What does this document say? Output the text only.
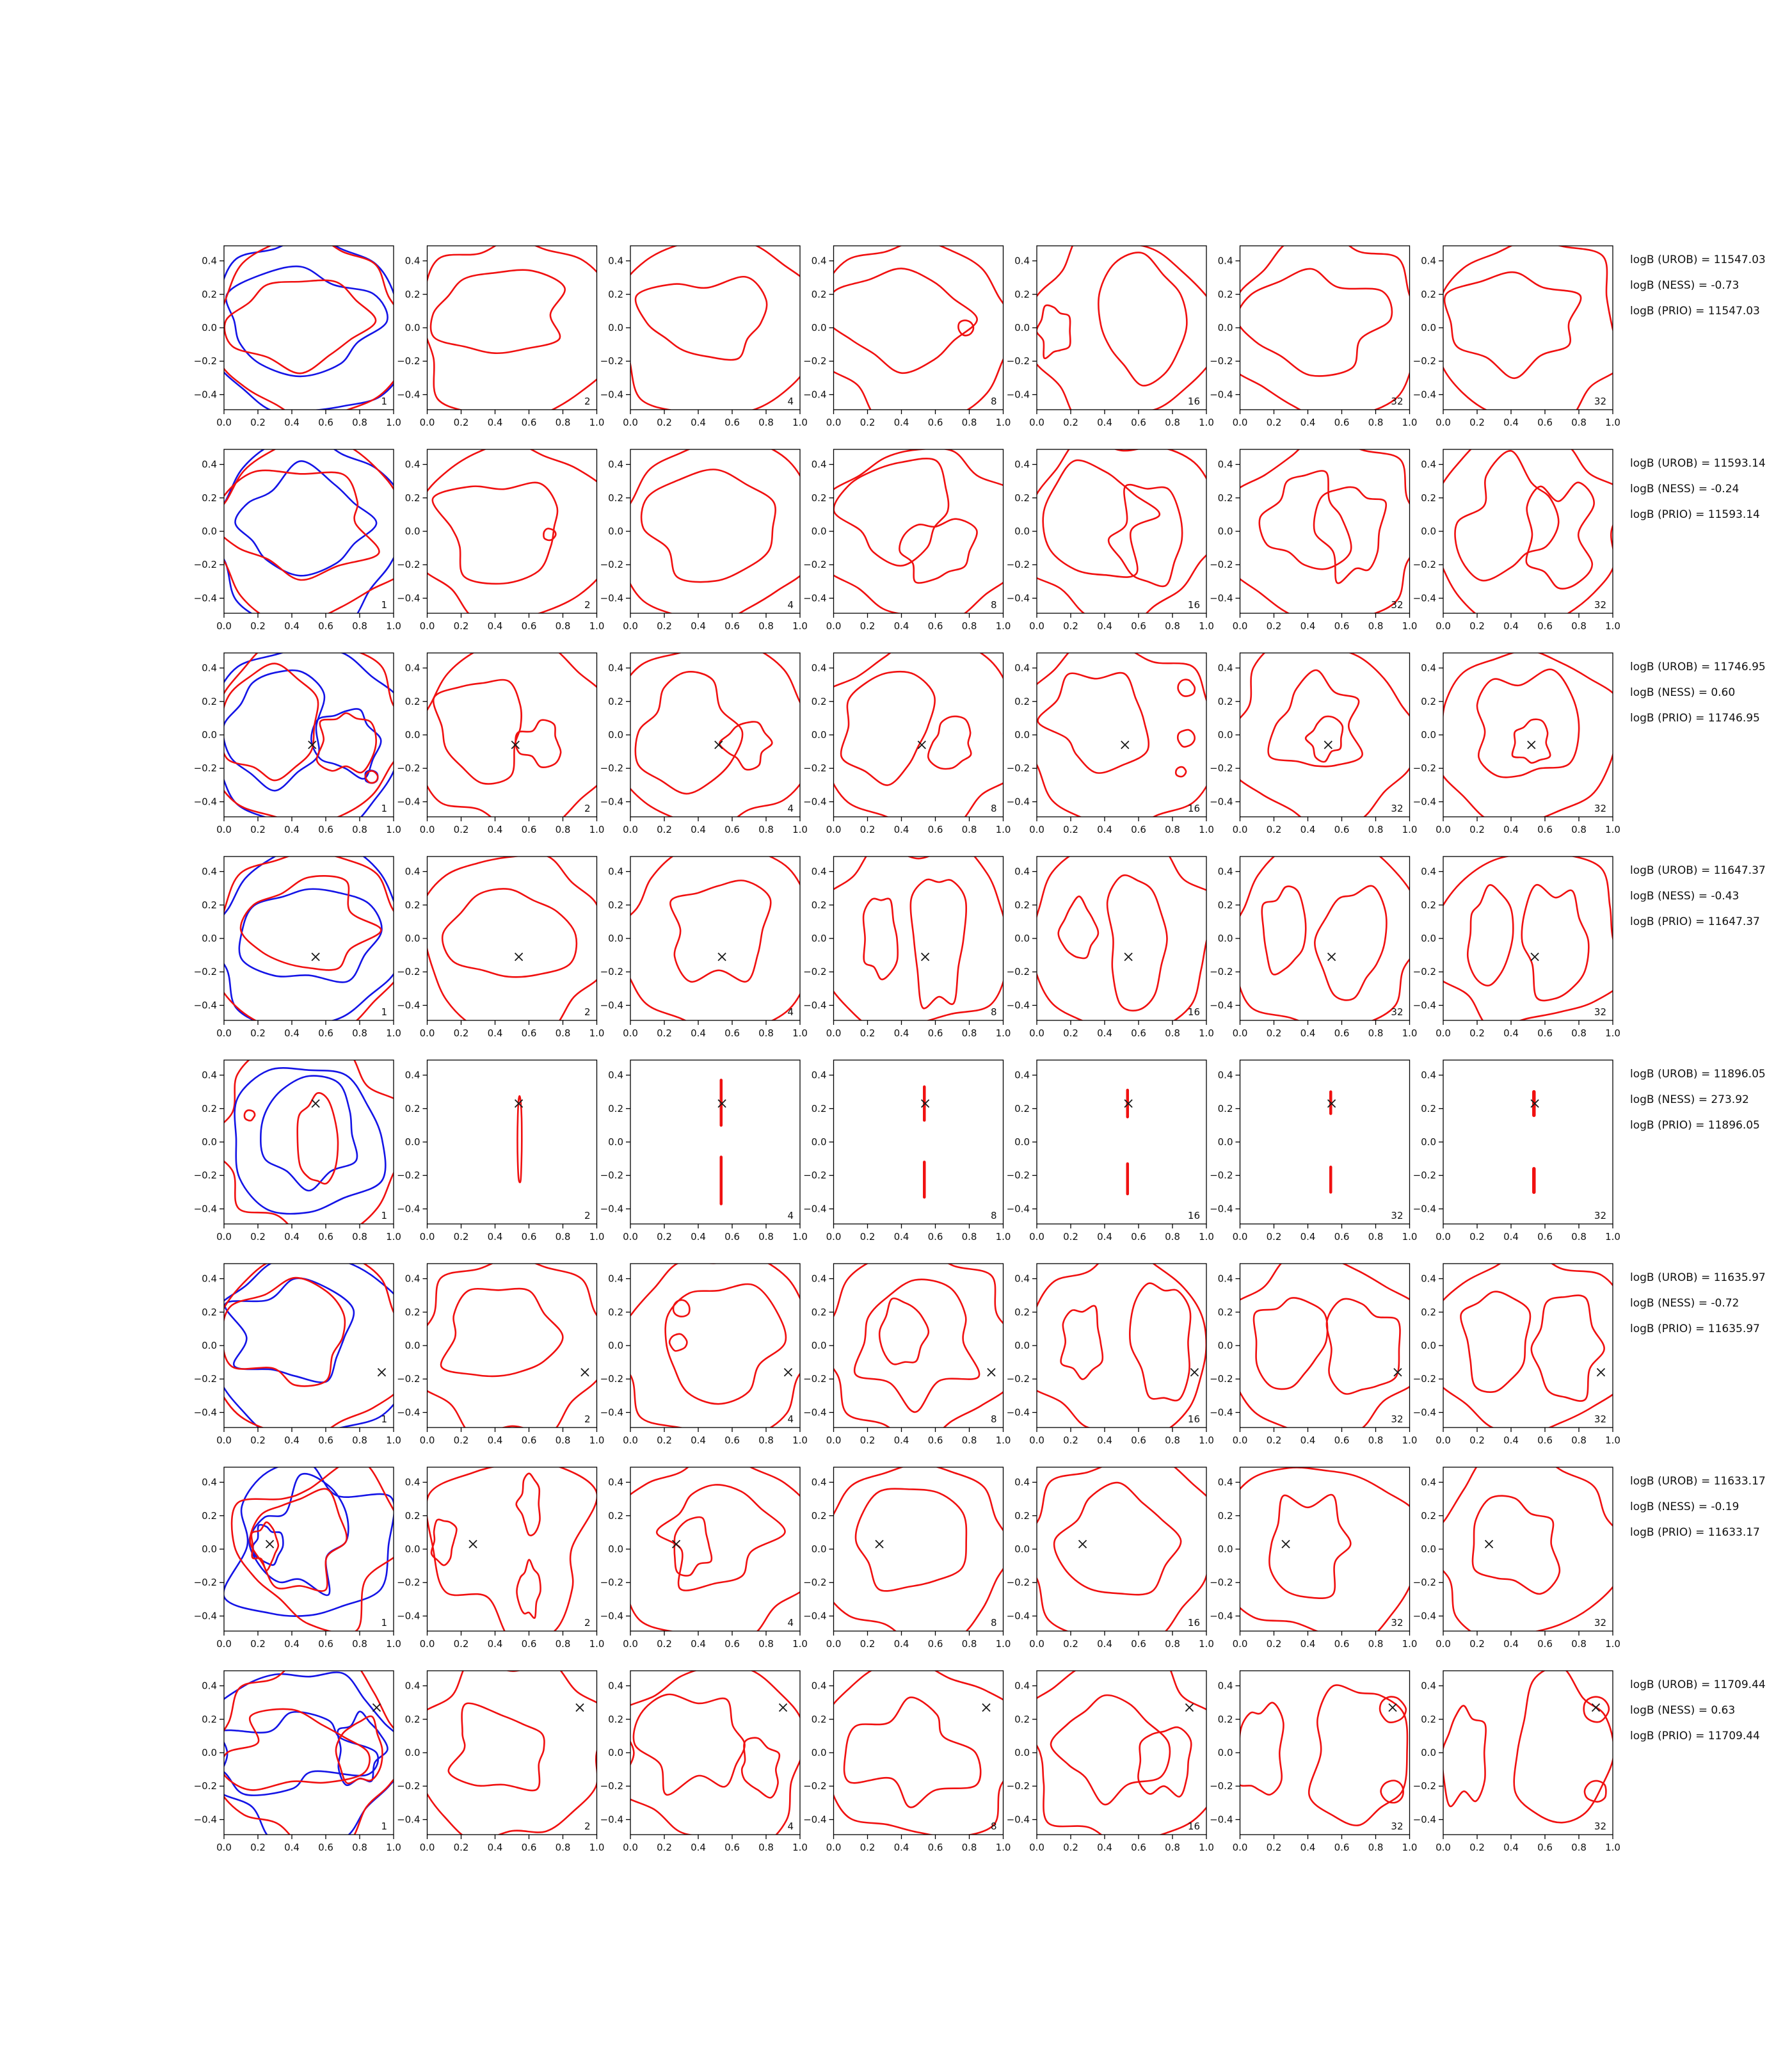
0.0 0.2 0.4 0.6 0.8 1.0
0.4
0.2
0.0
−0.2
−0.4
1
0.0 0.2 0.4 0.6 0.8 1.0
0.4
0.2
0.0
−0.2
−0.4
2
0.0 0.2 0.4 0.6 0.8 1.0
0.4
0.2
0.0
−0.2
−0.4
4
0.0 0.2 0.4 0.6 0.8 1.0
0.4
0.2
0.0
−0.2
−0.4
8
0.0 0.2 0.4 0.6 0.8 1.0
0.4
0.2
0.0
−0.2
−0.4
16
0.0 0.2 0.4 0.6 0.8 1.0
0.4
0.2
0.0
−0.2
−0.4
32
0.0 0.2 0.4 0.6 0.8 1.0
0.4
0.2
0.0
−0.2
−0.4
32
logB (UROB) = 11547.03
logB (NESS) = -0.73
logB (PRIO) = 11547.03
0.0 0.2 0.4 0.6 0.8 1.0
0.4
0.2
0.0
−0.2
−0.4
1
0.0 0.2 0.4 0.6 0.8 1.0
0.4
0.2
0.0
−0.2
−0.4
2
0.0 0.2 0.4 0.6 0.8 1.0
0.4
0.2
0.0
−0.2
−0.4
4
0.0 0.2 0.4 0.6 0.8 1.0
0.4
0.2
0.0
−0.2
−0.4
8
0.0 0.2 0.4 0.6 0.8 1.0
0.4
0.2
0.0
−0.2
−0.4
16
0.0 0.2 0.4 0.6 0.8 1.0
0.4
0.2
0.0
−0.2
−0.4
32
0.0 0.2 0.4 0.6 0.8 1.0
0.4
0.2
0.0
−0.2
−0.4
32
logB (UROB) = 11593.14
logB (NESS) = -0.24
logB (PRIO) = 11593.14
0.0 0.2 0.4 0.6 0.8 1.0
0.4
0.2
0.0
−0.2
−0.4
1
0.0 0.2 0.4 0.6 0.8 1.0
0.4
0.2
0.0
−0.2
−0.4
2
0.0 0.2 0.4 0.6 0.8 1.0
0.4
0.2
0.0
−0.2
−0.4
4
0.0 0.2 0.4 0.6 0.8 1.0
0.4
0.2
0.0
−0.2
−0.4
8
0.0 0.2 0.4 0.6 0.8 1.0
0.4
0.2
0.0
−0.2
−0.4
16
0.0 0.2 0.4 0.6 0.8 1.0
0.4
0.2
0.0
−0.2
−0.4
32
0.0 0.2 0.4 0.6 0.8 1.0
0.4
0.2
0.0
−0.2
−0.4
32
logB (UROB) = 11746.95
logB (NESS) = 0.60
logB (PRIO) = 11746.95
0.0 0.2 0.4 0.6 0.8 1.0
0.4
0.2
0.0
−0.2
−0.4
1
0.0 0.2 0.4 0.6 0.8 1.0
0.4
0.2
0.0
−0.2
−0.4
2
0.0 0.2 0.4 0.6 0.8 1.0
0.4
0.2
0.0
−0.2
−0.4
4
0.0 0.2 0.4 0.6 0.8 1.0
0.4
0.2
0.0
−0.2
−0.4
8
0.0 0.2 0.4 0.6 0.8 1.0
0.4
0.2
0.0
−0.2
−0.4
16
0.0 0.2 0.4 0.6 0.8 1.0
0.4
0.2
0.0
−0.2
−0.4
32
0.0 0.2 0.4 0.6 0.8 1.0
0.4
0.2
0.0
−0.2
−0.4
32
logB (UROB) = 11647.37
logB (NESS) = -0.43
logB (PRIO) = 11647.37
0.0 0.2 0.4 0.6 0.8 1.0
0.4
0.2
0.0
−0.2
−0.4
1
0.0 0.2 0.4 0.6 0.8 1.0
0.4
0.2
0.0
−0.2
−0.4
2
0.0 0.2 0.4 0.6 0.8 1.0
0.4
0.2
0.0
−0.2
−0.4
4
0.0 0.2 0.4 0.6 0.8 1.0
0.4
0.2
0.0
−0.2
−0.4
8
0.0 0.2 0.4 0.6 0.8 1.0
0.4
0.2
0.0
−0.2
−0.4
16
0.0 0.2 0.4 0.6 0.8 1.0
0.4
0.2
0.0
−0.2
−0.4
32
0.0 0.2 0.4 0.6 0.8 1.0
0.4
0.2
0.0
−0.2
−0.4
32
logB (UROB) = 11896.05
logB (NESS) = 273.92
logB (PRIO) = 11896.05
0.0 0.2 0.4 0.6 0.8 1.0
0.4
0.2
0.0
−0.2
−0.4
1
0.0 0.2 0.4 0.6 0.8 1.0
0.4
0.2
0.0
−0.2
−0.4
2
0.0 0.2 0.4 0.6 0.8 1.0
0.4
0.2
0.0
−0.2
−0.4
4
0.0 0.2 0.4 0.6 0.8 1.0
0.4
0.2
0.0
−0.2
−0.4
8
0.0 0.2 0.4 0.6 0.8 1.0
0.4
0.2
0.0
−0.2
−0.4
16
0.0 0.2 0.4 0.6 0.8 1.0
0.4
0.2
0.0
−0.2
−0.4
32
0.0 0.2 0.4 0.6 0.8 1.0
0.4
0.2
0.0
−0.2
−0.4
32
logB (UROB) = 11635.97
logB (NESS) = -0.72
logB (PRIO) = 11635.97
0.0 0.2 0.4 0.6 0.8 1.0
0.4
0.2
0.0
−0.2
−0.4
1
0.0 0.2 0.4 0.6 0.8 1.0
0.4
0.2
0.0
−0.2
−0.4
2
0.0 0.2 0.4 0.6 0.8 1.0
0.4
0.2
0.0
−0.2
−0.4
4
0.0 0.2 0.4 0.6 0.8 1.0
0.4
0.2
0.0
−0.2
−0.4
8
0.0 0.2 0.4 0.6 0.8 1.0
0.4
0.2
0.0
−0.2
−0.4
16
0.0 0.2 0.4 0.6 0.8 1.0
0.4
0.2
0.0
−0.2
−0.4
32
0.0 0.2 0.4 0.6 0.8 1.0
0.4
0.2
0.0
−0.2
−0.4
32
logB (UROB) = 11633.17
logB (NESS) = -0.19
logB (PRIO) = 11633.17
0.0 0.2 0.4 0.6 0.8 1.0
0.4
0.2
0.0
−0.2
−0.4
1
0.0 0.2 0.4 0.6 0.8 1.0
0.4
0.2
0.0
−0.2
−0.4
2
0.0 0.2 0.4 0.6 0.8 1.0
0.4
0.2
0.0
−0.2
−0.4
4
0.0 0.2 0.4 0.6 0.8 1.0
0.4
0.2
0.0
−0.2
−0.4
8
0.0 0.2 0.4 0.6 0.8 1.0
0.4
0.2
0.0
−0.2
−0.4
16
0.0 0.2 0.4 0.6 0.8 1.0
0.4
0.2
0.0
−0.2
−0.4
32
0.0 0.2 0.4 0.6 0.8 1.0
0.4
0.2
0.0
−0.2
−0.4
32
logB (UROB) = 11709.44
logB (NESS) = 0.63
logB (PRIO) = 11709.44
